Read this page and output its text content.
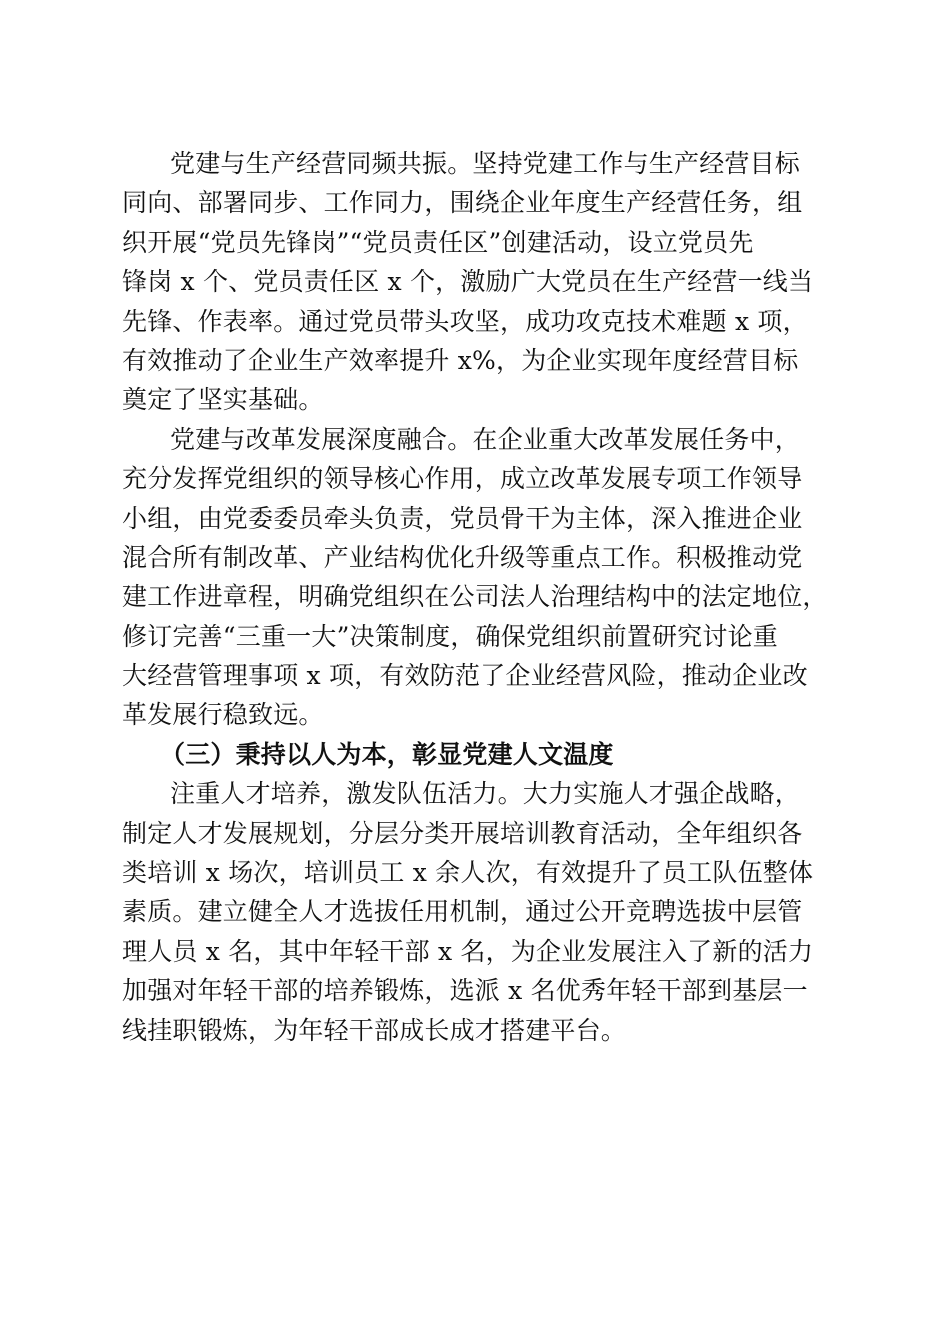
党建与生产经营同频共振。坚持党建工作与生产经营目标
同向、部署同步、工作同力，围绕企业年度生产经营任务，组
织开展“党员先锋岗”“党员责任区”创建活动，设立党员先
锋岗 x 个、党员责任区 x 个，激励广大党员在生产经营一线当
先锋、作表率。通过党员带头攻坚，成功攻克技术难题 x 项，
有效推动了企业生产效率提升 x%，为企业实现年度经营目标
奠定了坚实基础。
党建与改革发展深度融合。在企业重大改革发展任务中，
充分发挥党组织的领导核心作用，成立改革发展专项工作领导
小组，由党委委员牵头负责，党员骨干为主体，深入推进企业
混合所有制改革、产业结构优化升级等重点工作。积极推动党
建工作进章程，明确党组织在公司法人治理结构中的法定地位，
修订完善“三重一大”决策制度，确保党组织前置研究讨论重
大经营管理事项 x 项，有效防范了企业经营风险，推动企业改
革发展行稳致远。
（三）秉持以人为本，彰显党建人文温度
注重人才培养，激发队伍活力。大力实施人才强企战略，
制定人才发展规划，分层分类开展培训教育活动，全年组织各
类培训 x 场次，培训员工 x 余人次，有效提升了员工队伍整体
素质。建立健全人才选拔任用机制，通过公开竞聘选拔中层管
理人员 x 名，其中年轻干部 x 名，为企业发展注入了新的活力
加强对年轻干部的培养锻炼，选派 x 名优秀年轻干部到基层一
线挂职锻炼，为年轻干部成长成才搭建平台。
